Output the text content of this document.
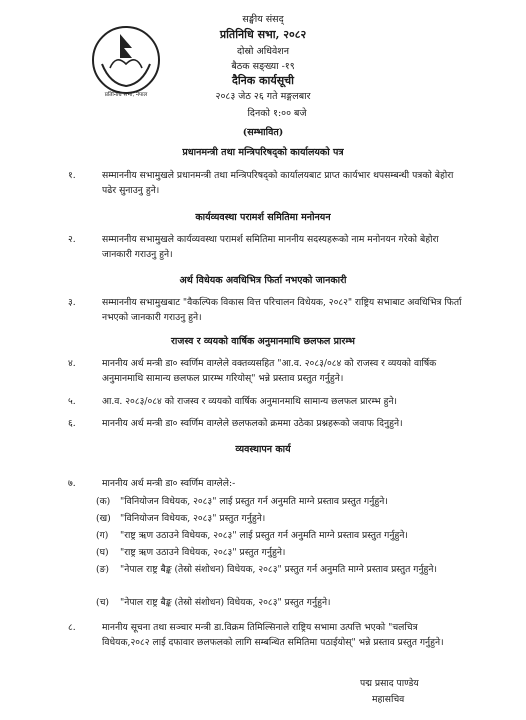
प्रतिनिधि सभा, नेपाल
सङ्घीय संसद्
प्रतिनिधि सभा, २०८२
दोस्रो अधिवेशन
बैठक सङ्ख्या -१९
दैनिक कार्यसूची
२०८३ जेठ २६ गते मङ्गलबार
दिनको १:०० बजे
(सम्भावित)
प्रधानमन्त्री तथा मन्त्रिपरिषद्को कार्यालयको पत्र
१.	सम्माननीय सभामुखले प्रधानमन्त्री तथा मन्त्रिपरिषद्को कार्यालयबाट प्राप्त कार्यभार थपसम्बन्धी पत्रको बेहोरा पढेर सुनाउनु हुने।
कार्यव्यवस्था परामर्श समितिमा मनोनयन
२.	सम्माननीय सभामुखले कार्यव्यवस्था परामर्श समितिमा माननीय सदस्यहरूको नाम मनोनयन गरेको बेहोरा जानकारी गराउनु हुने।
अर्थ विधेयक अवधिभित्र फिर्ता नभएको जानकारी
३.	सम्माननीय सभामुखबाट "वैकल्पिक विकास वित्त परिचालन विधेयक, २०८२" राष्ट्रिय सभाबाट अवधिभित्र फिर्ता नभएको जानकारी गराउनु हुने।
राजस्व र व्ययको वार्षिक अनुमानमाथि छलफल प्रारम्भ
४.	माननीय अर्थ मन्त्री डा० स्वर्णिम वाग्लेले वक्तव्यसहित "आ.व. २०८३/०८४ को राजस्व र व्ययको वार्षिक अनुमानमाथि सामान्य छलफल प्रारम्भ गरियोस्" भन्ने प्रस्ताव प्रस्तुत गर्नुहुने।
५.	आ.व. २०८३/०८४ को राजस्व र व्ययको वार्षिक अनुमानमाथि सामान्य छलफल प्रारम्भ हुने।
६.	माननीय अर्थ मन्त्री डा० स्वर्णिम वाग्लेले छलफलको क्रममा उठेका प्रश्नहरूको जवाफ दिनुहुने।
व्यवस्थापन कार्य
७.	माननीय अर्थ मन्त्री डा० स्वर्णिम वाग्लेले:-
(क) "विनियोजन विधेयक, २०८३" लाई प्रस्तुत गर्न अनुमति माग्ने प्रस्ताव प्रस्तुत गर्नुहुने।
(ख) "विनियोजन विधेयक, २०८३" प्रस्तुत गर्नुहुने।
(ग) "राष्ट्र ऋण उठाउने विधेयक, २०८३" लाई प्रस्तुत गर्न अनुमति माग्ने प्रस्ताव प्रस्तुत गर्नुहुने।
(घ) "राष्ट्र ऋण उठाउने विधेयक, २०८३" प्रस्तुत गर्नुहुने।
(ङ) "नेपाल राष्ट्र बैङ्क (तेस्रो संशोधन) विधेयक, २०८३" प्रस्तुत गर्न अनुमति माग्ने प्रस्ताव प्रस्तुत गर्नुहुने।
(च) "नेपाल राष्ट्र बैङ्क (तेस्रो संशोधन) विधेयक, २०८३" प्रस्तुत गर्नुहुने।
८.	माननीय सूचना तथा सञ्चार मन्त्री डा.विक्रम तिमिल्सिनाले राष्ट्रिय सभामा उत्पत्ति भएको "चलचित्र विधेयक,२०८२ लाई दफावार छलफलको लागि सम्बन्धित समितिमा पठाईयोस्" भन्ने प्रस्ताव प्रस्तुत गर्नुहुने।
पद्म प्रसाद पाण्डेय
महासचिव
